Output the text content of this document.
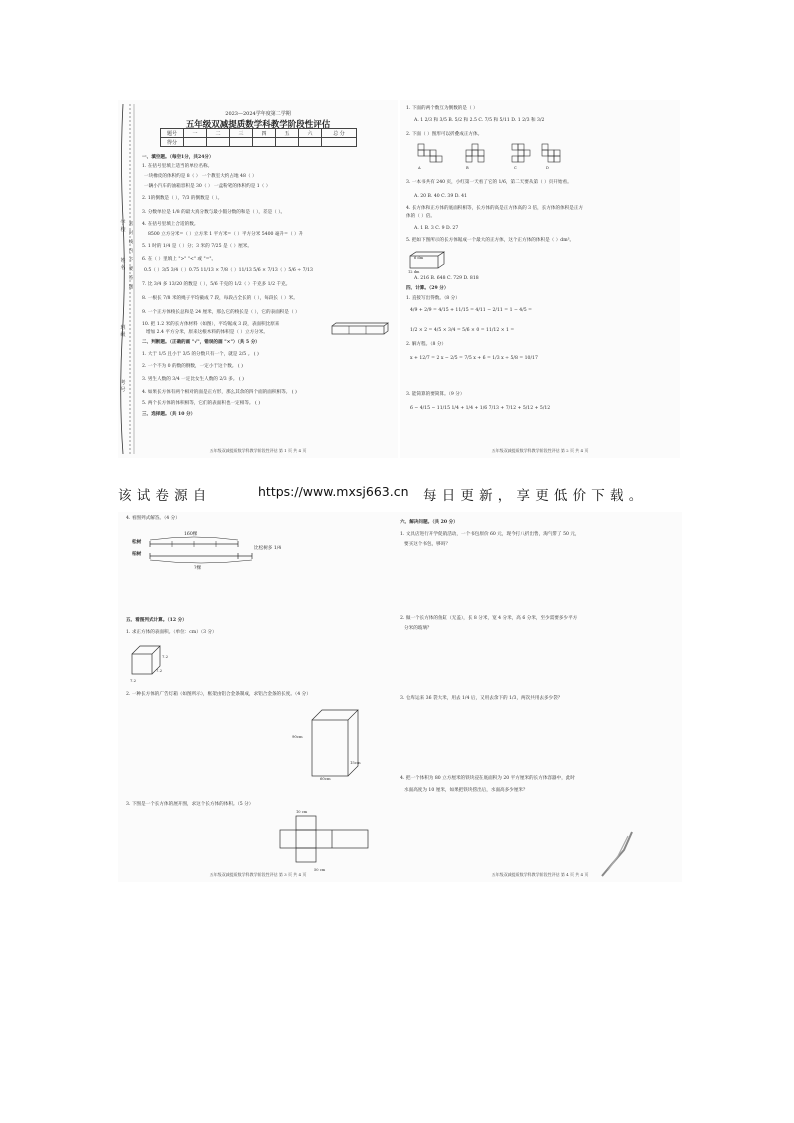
学校
姓名
班级
考号
密封线内不要答题
2023—2024学年度第二学期
五年级双减提质数学科教学阶段性评估
题号	一	二	三	四	五	六	总 分
得分							
一、填空题。（每空1分，共24分）
1. 在括号里填上适当的单位名称。
一块橡皮的体积约是 8（ ） 一个教室大约占地 48（ ）
一辆小汽车的油箱容积是 30（ ） 一盒粉笔的体积约是 1（ ）
2. 1的倒数是（ ），7/3 的倒数是（ ）。
3. 分数单位是 1/8 的最大真分数与最小假分数的和是（ ），差是（ ）。
4. 在括号里填上合适的数。
8500 立方分米=（ ）立方米 1 平方米=（ ）平方分米 5400 毫升=（ ）升
5. 1 时的 1/4 是（ ）分；3 米的 7/25 是（ ）厘米。
6. 在（ ）里填上 ">" "<" 或 "="。
0.5（ ）3/5 3/4（ ）0.75 11/13 × 7/8（ ）11/13 5/6 × 7/13（ ）5/6 ÷ 7/13
7. 比 3/4 多 13/20 的数是（ ），5/6 千克的 1/2（ ）千克多 1/2 千克。
8. 一根长 7/8 米的绳子平均截成 7 段，每段占全长的（ ），每段长（ ）米。
9. 一个正方体棱长总和是 24 厘米，那么它的棱长是（ ），它的表面积是（ ）
10. 把 1.2 米的长方体材料（如图），平均锯成 3 段，表面积比原来
增加 2.4 平方分米，原来这根木料的体积是（ ）立方分米。
二、判断题。（正确的画 "√"，错误的画 "×"）（共 5 分）
1. 大于 1/5 且小于 3/5 的分数只有一个，就是 2/5 。 ( )
2. 一个不为 0 的数的倒数，一定小于这个数。 ( )
3. 男生人数的 3/4 一定比女生人数的 2/3 多。 ( )
4. 如果长方体有两个相对的面是正方形，那么其余的四个面的面积相等。 ( )
5. 两个长方体的体积相等，它们的表面积也一定相等。 ( )
三、选择题。（共 10 分）
五年级双减提质数学科教学阶段性评估 第 1 页 共 4 页
1. 下面的两个数互为倒数的是（ ）
A. 1 2/3 和 3/5 B. 5/2 和 2.5 C. 7/5 和 5/11 D. 1 2/3 和 3/2
2. 下面（ ）图形可以折叠成正方体。
A	B	C	D
3. 一本书共有 240 页，小红第一天看了它的 1/6，第二天要从第（ ）页开始看。
A. 20 B. 40 C. 39 D. 41
4. 长方体和正方体的底面积相等，长方体的高是正方体高的 3 倍，长方体的体积是正方
体的（ ）倍。
A. 1 B. 3 C. 9 D. 27
5. 把如下图所示的长方体锯成一个最大的正方体，这个正方体的体积是（ ）dm³。
6 dm
12 dm
A. 216 B. 648 C. 729 D. 818
四、计算。（29 分）
1. 直接写出得数。（8 分）
4/9 + 2/9 = 4/15 + 11/15 = 4/11 − 2/11 = 1 − 4/5 =
1/2 × 2 = 4/5 × 3/4 = 5/6 × 0 = 11/12 × 1 =
2. 解方程。（8 分）
x + 12/7 = 2 x − 2/5 = 7/5 x + 6 = 1/3 x ÷ 5/8 = 10/17
3. 能简算的要简算。（9 分）
6 − 4/15 − 11/15 1/4 + 1/4 + 1/6 7/13 + 7/12 + 5/12 + 5/12
五年级双减提质数学科教学阶段性评估 第 2 页 共 4 页
该试卷源自	https://www.mxsj663.cn 每日更新，享更低价下载。
4. 看图列式解答。（4 分）
160棵
松树
柏树
比松树多 1/4
?棵
五、看图列式计算。（12 分）
1. 求正方体的表面积。（单位：cm）（3 分）
7.2
7.2
7.2
2. 一种长方体的广告灯箱（如图所示），框架由铝合金条制成，求铝合金条的长度。（4 分）
90cm
60cm
15cm
3. 下图是一个长方体的展开图，求这个长方体的体积。（5 分）
10 cm
50 cm
五年级双减提质数学科教学阶段性评估 第 3 页 共 4 页
六、解决问题。（共 20 分）
1. 文具店进行开学促销活动，一个书包原价 60 元，现今打八折出售，淘气带了 50 元，
要买这个书包，够吗？
2. 做一个长方体的鱼缸（无盖），长 8 分米，宽 4 分米，高 6 分米，至少需要多少平方
分米的玻璃？
3. 仓库运来 36 袋大米，用去 1/4 后，又用去余下的 1/3，两次共用去多少袋？
4. 把一个体积为 80 立方厘米的铁块浸在底面积为 20 平方厘米的长方体容器中，此时
水面高度为 10 厘米，如果把铁块捞出后，水面高多少厘米？
五年级双减提质数学科教学阶段性评估 第 4 页 共 4 页
